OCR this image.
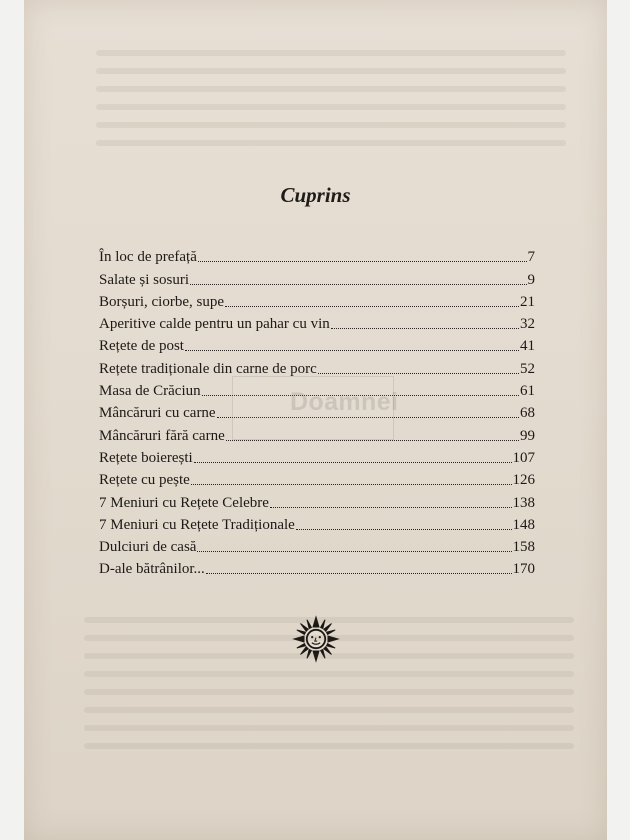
Cuprins
În loc de prefață	7
Salate și sosuri	9
Borșuri, ciorbe, supe	21
Aperitive calde pentru un pahar cu vin	32
Rețete de post	41
Rețete tradiționale din carne de porc	52
Masa de Crăciun	61
Mâncăruri cu carne	68
Mâncăruri fără carne	99
Rețete boierești	107
Rețete cu pește	126
7 Meniuri cu Rețete Celebre	138
7 Meniuri cu Rețete Tradiționale	148
Dulciuri de casă	158
D-ale bătrânilor...	170
Doamnei
